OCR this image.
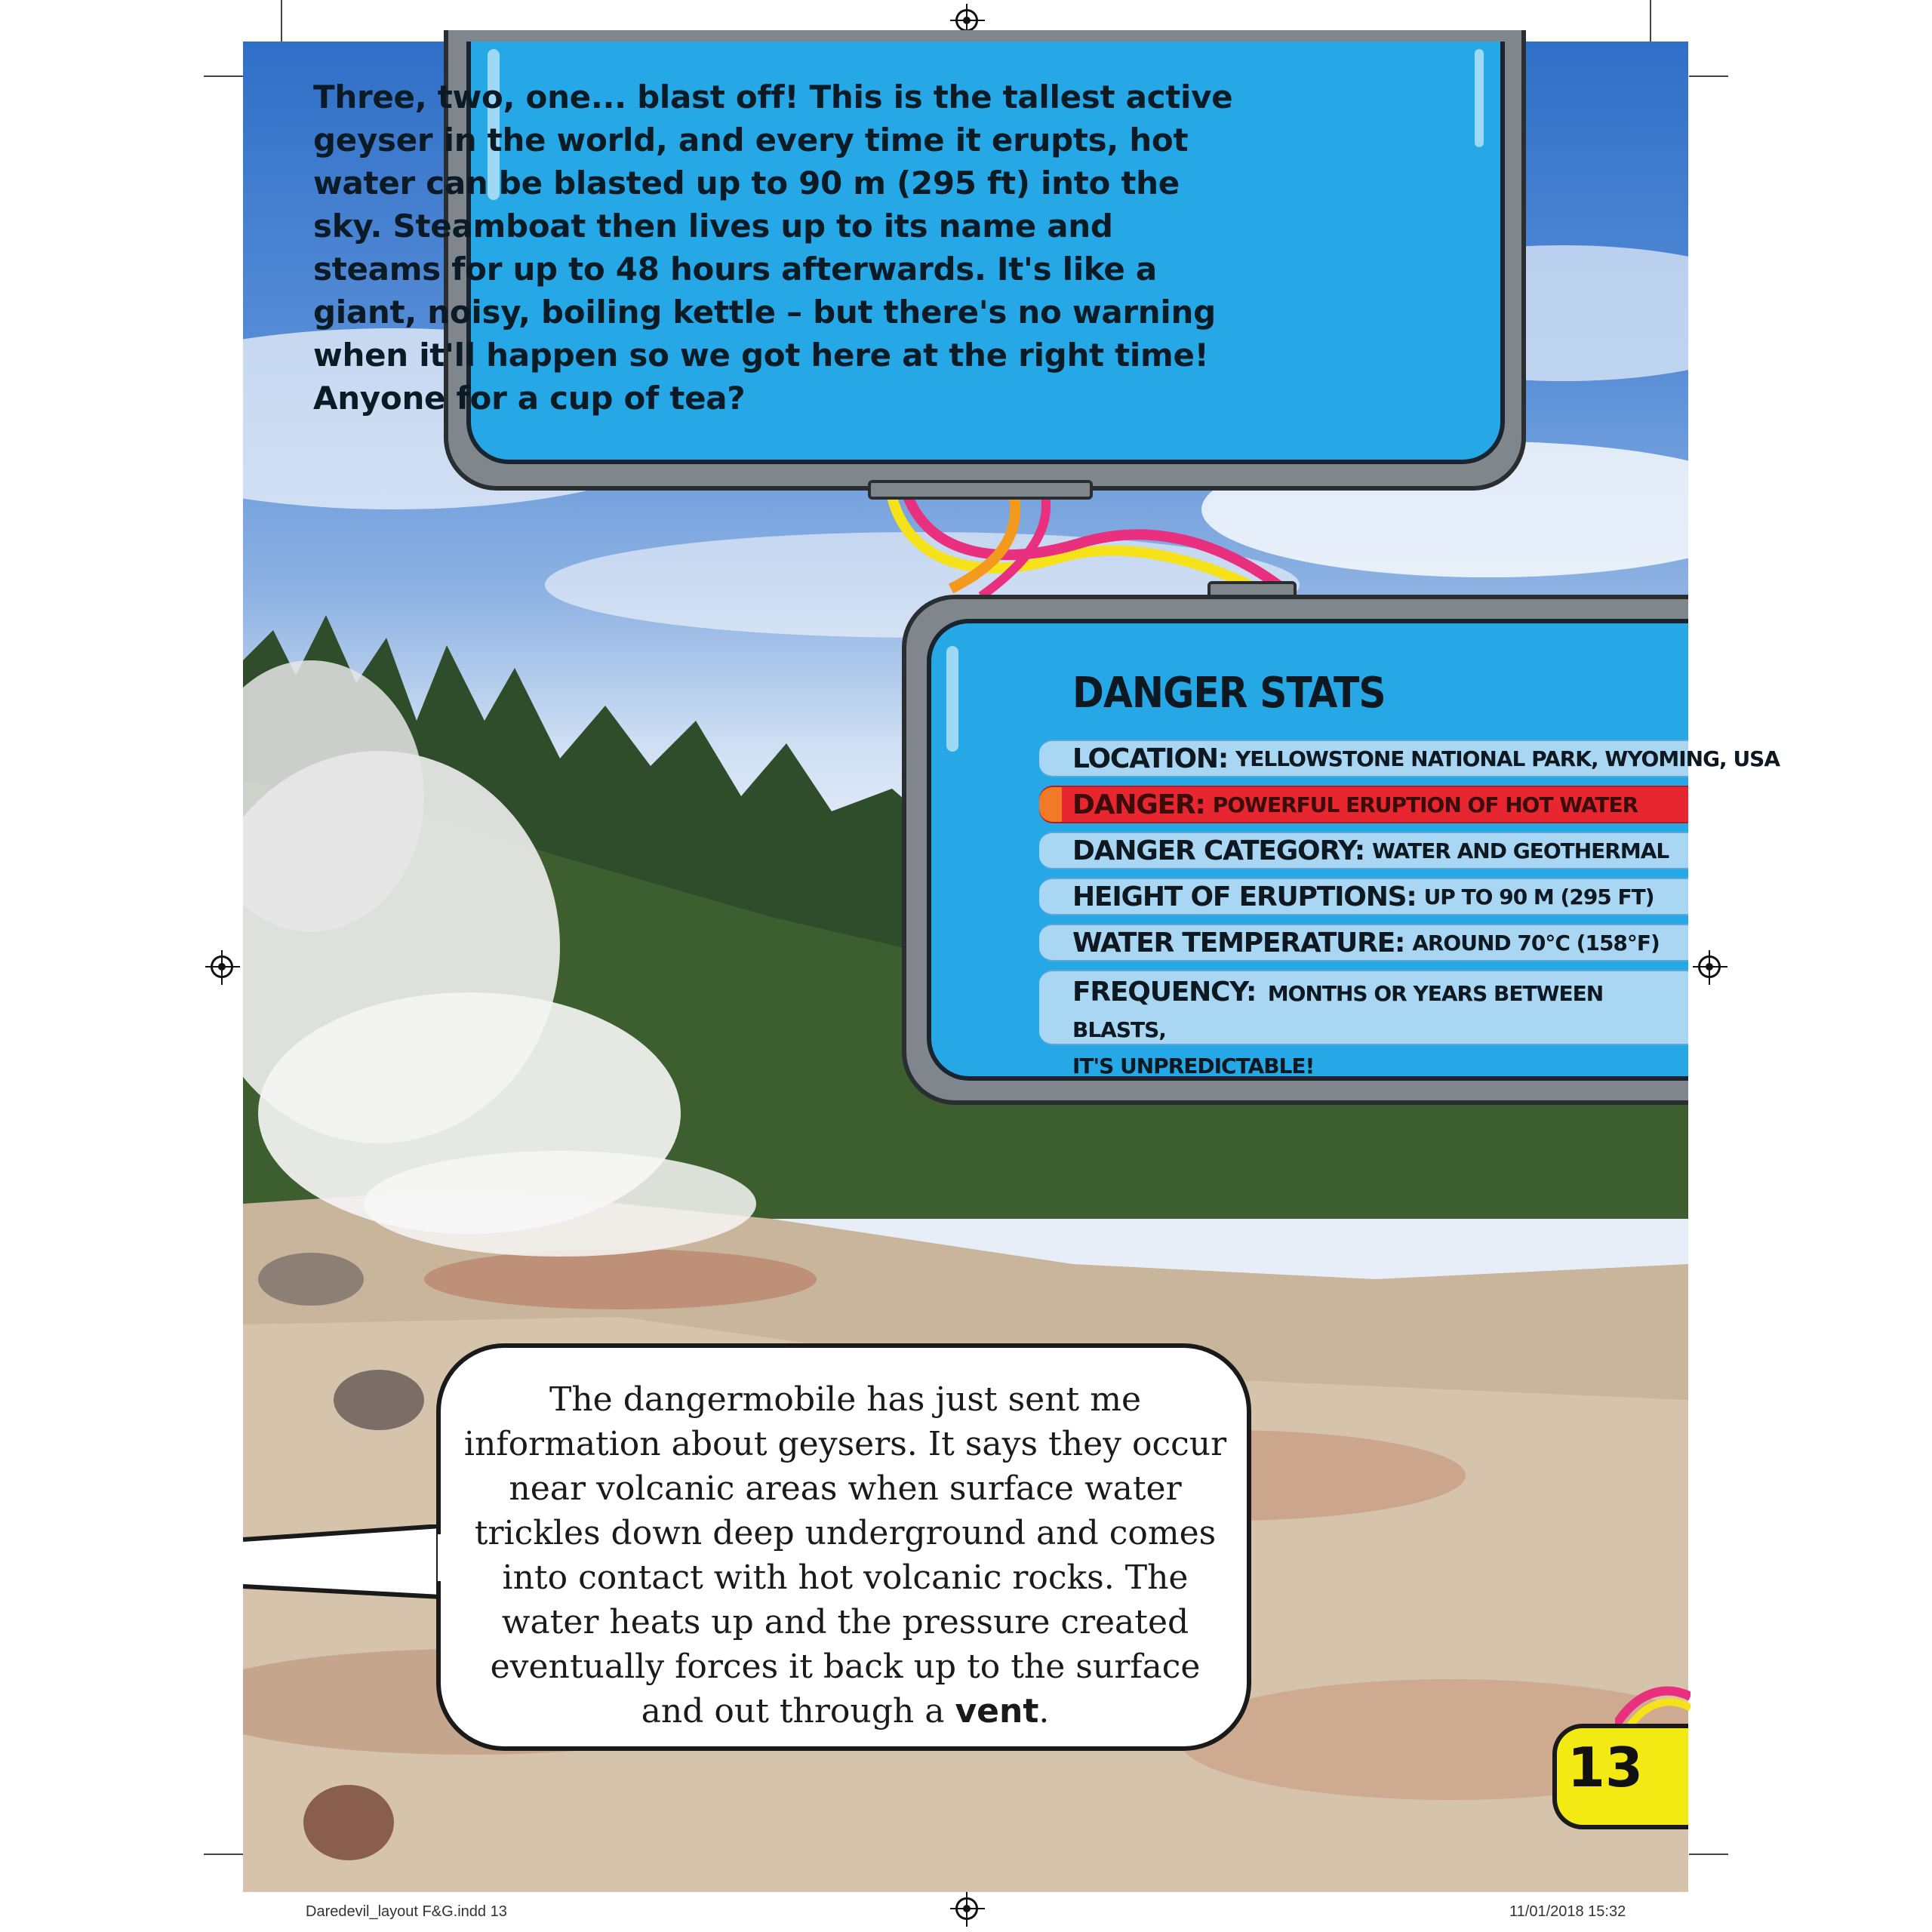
Three, two, one... blast off! This is the tallest active geyser in the world, and every time it erupts, hot water can be blasted up to 90 m (295 ft) into the sky. Steamboat then lives up to its name and steams for up to 48 hours afterwards. It's like a giant, noisy, boiling kettle – but there's no warning when it'll happen so we got here at the right time! Anyone for a cup of tea?
DANGER STATS
LOCATION: YELLOWSTONE NATIONAL PARK, WYOMING, USA
DANGER: POWERFUL ERUPTION OF HOT WATER
DANGER CATEGORY: WATER AND GEOTHERMAL
HEIGHT OF ERUPTIONS: UP TO 90 M (295 FT)
WATER TEMPERATURE: AROUND 70°C (158°F)
FREQUENCY: MONTHS OR YEARS BETWEEN BLASTS,
IT'S UNPREDICTABLE!
The dangermobile has just sent me information about geysers. It says they occur near volcanic areas when surface water trickles down deep underground and comes into contact with hot volcanic rocks. The water heats up and the pressure created eventually forces it back up to the surface and out through a vent.
13
Daredevil_layout F&G.indd 13	11/01/2018 15:32
